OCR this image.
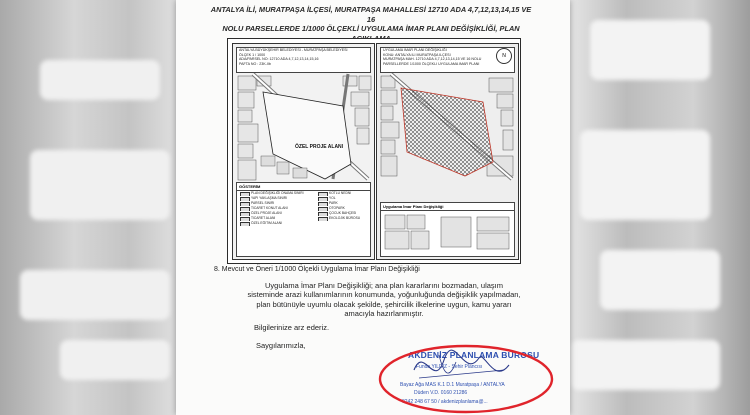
ANTALYA İLİ, MURATPAŞA İLÇESİ, MURATPAŞA MAHALLESİ 12710 ADA 4,7,12,13,14,15 VE 16
NOLU PARSELLERDE 1/1000 ÖLÇEKLİ UYGULAMA İMAR PLANI DEĞİŞİKLİĞİ, PLAN
ANTALYA BÜYÜKŞEHİR BELEDİYESİ - MURATPAŞA BELEDİYESİ
ÖLÇEK 1 / 1000
ADA/PARSEL NO: 12710 ADA 4,7,12,13,14,15,16
PAFTA NO : 23K-IIb
ÖZEL PROJE ALANI
GÖSTERİM
PLAN DEĞİŞİKLİĞİ ONAMA SINIRI
YAPI YAKLAŞMA SINIRI
PARSEL SINIRI
TİCARET KONUT ALANI
ÖZEL PROJE ALANI
TİCARET ALANI
ÖZEL EĞİTİM ALANI
KOTLU NEDNİ
YOL
PARK
OTOPARK
ÇOCUK BAHÇESİ
EKOLOJİK BÜROSU
UYGULAMA İMAR PLANI DEĞİŞİKLİĞİ
KONU: ANTALYA İLİ MURATPAŞA İLÇESİ
MURATPAŞA MAH. 12710 ADA 4,7,12,13,14,15 VE 16 NOLU
PARSELLERDE 1/1000 ÖLÇEKLİ UYGULAMA İMAR PLANI
N
Uygulama İmar Planı Değişikliği
8. Mevcut ve Öneri 1/1000 Ölçekli Uygulama İmar Planı Değişikliği
Uygulama İmar Planı Değişikliği; ana plan kararlarını bozmadan, ulaşım
sisteminde arazi kullanımlarının konumunda, yoğunluğunda değişiklik yapılmadan,
plan bütünüyle uyumlu olacak şekilde, şehircilik ilkelerine uygun, kamu yararı
amacıyla hazırlanmıştır.
Bilgilerinize arz ederiz.
Saygılarımızla,
AKDENİZ PLANLAMA BÜROSU
Funda YILDIZ - Şehir Plancısı
Bayaz Ağa MAS K.1 D.1 Muratpaşa / ANTALYA
Düden V.D. 0160 21286
0242 248 67 50 / akdenizplanlama@...
